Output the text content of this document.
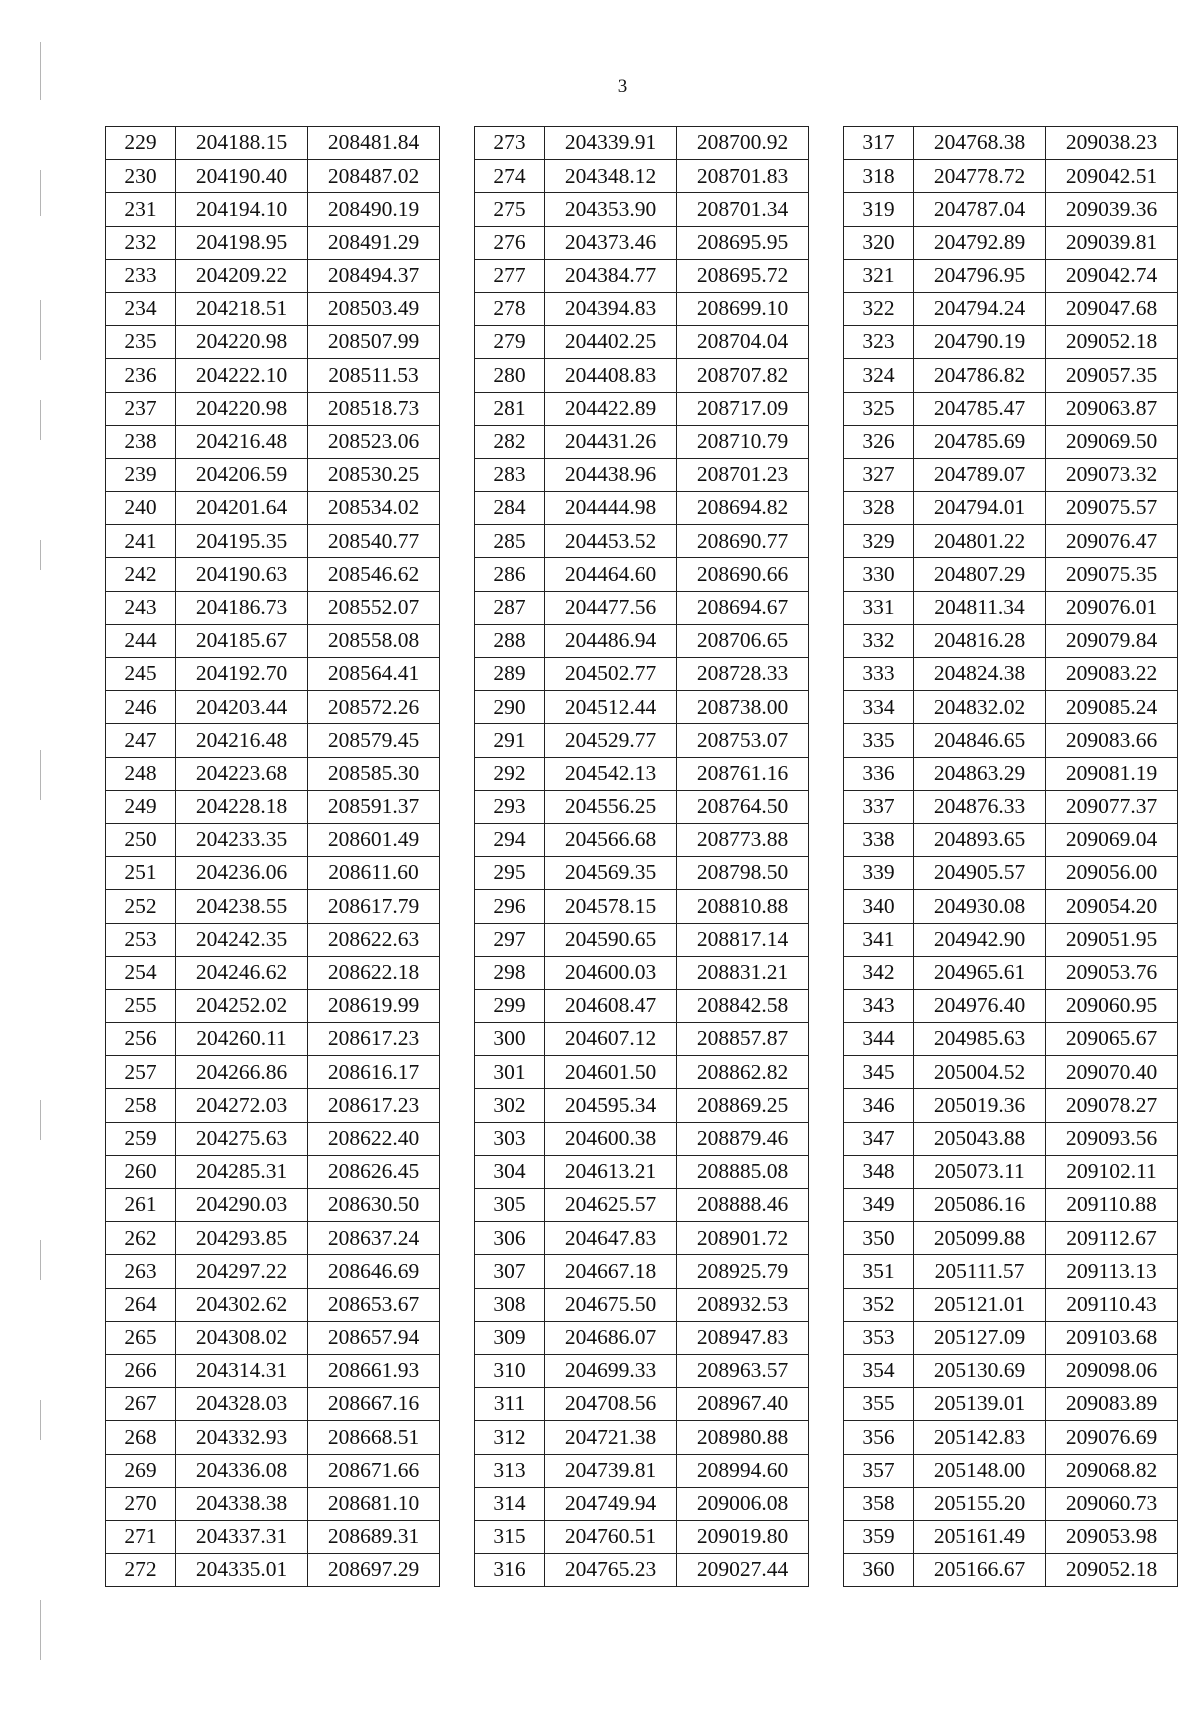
3
229	204188.15	208481.84
230	204190.40	208487.02
231	204194.10	208490.19
232	204198.95	208491.29
233	204209.22	208494.37
234	204218.51	208503.49
235	204220.98	208507.99
236	204222.10	208511.53
237	204220.98	208518.73
238	204216.48	208523.06
239	204206.59	208530.25
240	204201.64	208534.02
241	204195.35	208540.77
242	204190.63	208546.62
243	204186.73	208552.07
244	204185.67	208558.08
245	204192.70	208564.41
246	204203.44	208572.26
247	204216.48	208579.45
248	204223.68	208585.30
249	204228.18	208591.37
250	204233.35	208601.49
251	204236.06	208611.60
252	204238.55	208617.79
253	204242.35	208622.63
254	204246.62	208622.18
255	204252.02	208619.99
256	204260.11	208617.23
257	204266.86	208616.17
258	204272.03	208617.23
259	204275.63	208622.40
260	204285.31	208626.45
261	204290.03	208630.50
262	204293.85	208637.24
263	204297.22	208646.69
264	204302.62	208653.67
265	204308.02	208657.94
266	204314.31	208661.93
267	204328.03	208667.16
268	204332.93	208668.51
269	204336.08	208671.66
270	204338.38	208681.10
271	204337.31	208689.31
272	204335.01	208697.29
273	204339.91	208700.92
274	204348.12	208701.83
275	204353.90	208701.34
276	204373.46	208695.95
277	204384.77	208695.72
278	204394.83	208699.10
279	204402.25	208704.04
280	204408.83	208707.82
281	204422.89	208717.09
282	204431.26	208710.79
283	204438.96	208701.23
284	204444.98	208694.82
285	204453.52	208690.77
286	204464.60	208690.66
287	204477.56	208694.67
288	204486.94	208706.65
289	204502.77	208728.33
290	204512.44	208738.00
291	204529.77	208753.07
292	204542.13	208761.16
293	204556.25	208764.50
294	204566.68	208773.88
295	204569.35	208798.50
296	204578.15	208810.88
297	204590.65	208817.14
298	204600.03	208831.21
299	204608.47	208842.58
300	204607.12	208857.87
301	204601.50	208862.82
302	204595.34	208869.25
303	204600.38	208879.46
304	204613.21	208885.08
305	204625.57	208888.46
306	204647.83	208901.72
307	204667.18	208925.79
308	204675.50	208932.53
309	204686.07	208947.83
310	204699.33	208963.57
311	204708.56	208967.40
312	204721.38	208980.88
313	204739.81	208994.60
314	204749.94	209006.08
315	204760.51	209019.80
316	204765.23	209027.44
317	204768.38	209038.23
318	204778.72	209042.51
319	204787.04	209039.36
320	204792.89	209039.81
321	204796.95	209042.74
322	204794.24	209047.68
323	204790.19	209052.18
324	204786.82	209057.35
325	204785.47	209063.87
326	204785.69	209069.50
327	204789.07	209073.32
328	204794.01	209075.57
329	204801.22	209076.47
330	204807.29	209075.35
331	204811.34	209076.01
332	204816.28	209079.84
333	204824.38	209083.22
334	204832.02	209085.24
335	204846.65	209083.66
336	204863.29	209081.19
337	204876.33	209077.37
338	204893.65	209069.04
339	204905.57	209056.00
340	204930.08	209054.20
341	204942.90	209051.95
342	204965.61	209053.76
343	204976.40	209060.95
344	204985.63	209065.67
345	205004.52	209070.40
346	205019.36	209078.27
347	205043.88	209093.56
348	205073.11	209102.11
349	205086.16	209110.88
350	205099.88	209112.67
351	205111.57	209113.13
352	205121.01	209110.43
353	205127.09	209103.68
354	205130.69	209098.06
355	205139.01	209083.89
356	205142.83	209076.69
357	205148.00	209068.82
358	205155.20	209060.73
359	205161.49	209053.98
360	205166.67	209052.18
